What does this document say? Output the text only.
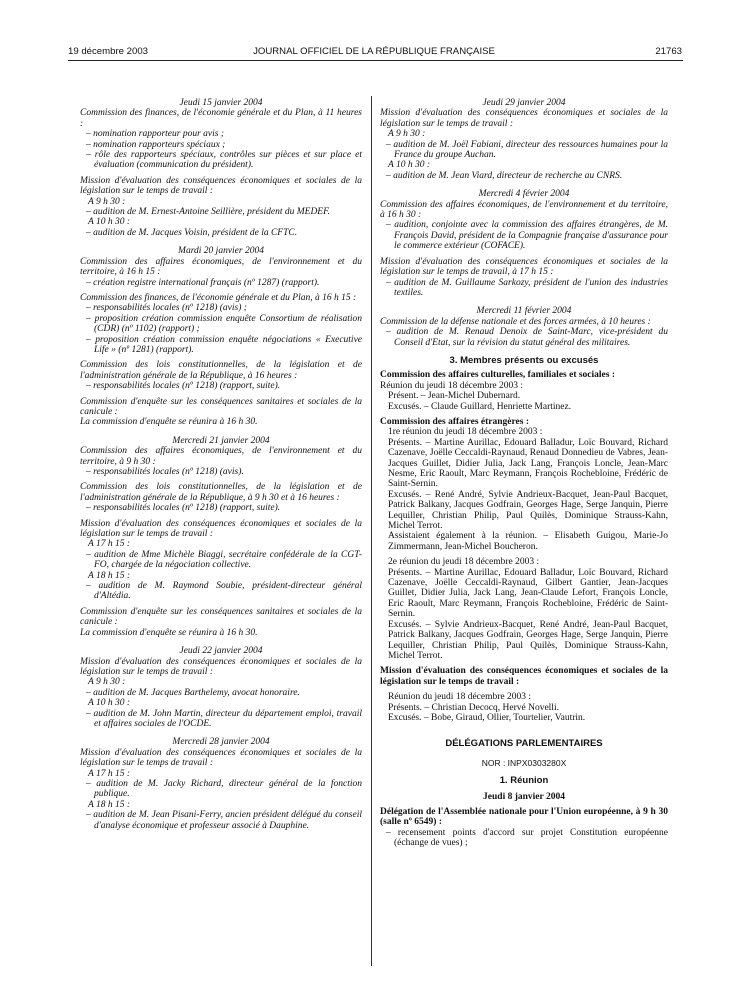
19 décembre 2003	JOURNAL OFFICIEL DE LA RÉPUBLIQUE FRANÇAISE	21763

Jeudi 15 janvier 2004

Commission des finances, de l'économie générale et du Plan, à 11 heures :

– nomination rapporteur pour avis ;

– nomination rapporteurs spéciaux ;

– rôle des rapporteurs spéciaux, contrôles sur pièces et sur place et évaluation (communication du président).

Mission d'évaluation des conséquences économiques et sociales de la législation sur le temps de travail :

A 9 h 30 :

– audition de M. Ernest-Antoine Seillière, président du MEDEF.

A 10 h 30 :

– audition de M. Jacques Voisin, président de la CFTC.

Mardi 20 janvier 2004

Commission des affaires économiques, de l'environnement et du territoire, à 16 h 15 :

– création registre international français (nº 1287) (rapport).

Commission des finances, de l'économie générale et du Plan, à 16 h 15 :

– responsabilités locales (nº 1218) (avis) ;

– proposition création commission enquête Consortium de réalisation (CDR) (nº 1102) (rapport) ;

– proposition création commission enquête négociations « Executive Life » (nº 1281) (rapport).

Commission des lois constitutionnelles, de la législation et de l'administration générale de la République, à 16 heures :

– responsabilités locales (nº 1218) (rapport, suite).

Commission d'enquête sur les conséquences sanitaires et sociales de la canicule :

La commission d'enquête se réunira à 16 h 30.

Mercredi 21 janvier 2004

Commission des affaires économiques, de l'environnement et du territoire, à 9 h 30 :

– responsabilités locales (nº 1218) (avis).

Commission des lois constitutionnelles, de la législation et de l'administration générale de la République, à 9 h 30 et à 16 heures :

– responsabilités locales (nº 1218) (rapport, suite).

Mission d'évaluation des conséquences économiques et sociales de la législation sur le temps de travail :

A 17 h 15 :

– audition de Mme Michèle Biaggi, secrétaire confédérale de la CGT-FO, chargée de la négociation collective.

A 18 h 15 :

– audition de M. Raymond Soubie, président-directeur général d'Altédia.

Commission d'enquête sur les conséquences sanitaires et sociales de la canicule :

La commission d'enquête se réunira à 16 h 30.

Jeudi 22 janvier 2004

Mission d'évaluation des conséquences économiques et sociales de la législation sur le temps de travail :

A 9 h 30 :

– audition de M. Jacques Barthelemy, avocat honoraire.

A 10 h 30 :

– audition de M. John Martin, directeur du département emploi, travail et affaires sociales de l'OCDE.

Mercredi 28 janvier 2004

Mission d'évaluation des conséquences économiques et sociales de la législation sur le temps de travail :

A 17 h 15 :

– audition de M. Jacky Richard, directeur général de la fonction publique.

A 18 h 15 :

– audition de M. Jean Pisani-Ferry, ancien président délégué du conseil d'analyse économique et professeur associé à Dauphine.

Jeudi 29 janvier 2004

Mission d'évaluation des conséquences économiques et sociales de la législation sur le temps de travail :

A 9 h 30 :

– audition de M. Joël Fabiani, directeur des ressources humaines pour la France du groupe Auchan.

A 10 h 30 :

– audition de M. Jean Viard, directeur de recherche au CNRS.

Mercredi 4 février 2004

Commission des affaires économiques, de l'environnement et du territoire, à 16 h 30 :

– audition, conjointe avec la commission des affaires étrangères, de M. François David, président de la Compagnie française d'assurance pour le commerce extérieur (COFACE).

Mission d'évaluation des conséquences économiques et sociales de la législation sur le temps de travail, à 17 h 15 :

– audition de M. Guillaume Sarkozy, président de l'union des industries textiles.

Mercredi 11 février 2004

Commission de la défense nationale et des forces armées, à 10 heures :

– audition de M. Renaud Denoix de Saint-Marc, vice-président du Conseil d'Etat, sur la révision du statut général des militaires.

3. Membres présents ou excusés

Commission des affaires culturelles, familiales et sociales :

Réunion du jeudi 18 décembre 2003 :

Présent. – Jean-Michel Dubernard.

Excusés. – Claude Guillard, Henriette Martinez.

Commission des affaires étrangères :

1re réunion du jeudi 18 décembre 2003 :

Présents. – Martine Aurillac, Edouard Balladur, Loïc Bouvard, Richard Cazenave, Joëlle Ceccaldi-Raynaud, Renaud Donnedieu de Vabres, Jean-Jacques Guillet, Didier Julia, Jack Lang, François Loncle, Jean-Marc Nesme, Eric Raoult, Marc Reymann, François Rochebloine, Frédéric de Saint-Sernin.

Excusés. – René André, Sylvie Andrieux-Bacquet, Jean-Paul Bacquet, Patrick Balkany, Jacques Godfrain, Georges Hage, Serge Janquin, Pierre Lequiller, Christian Philip, Paul Quilès, Dominique Strauss-Kahn, Michel Terrot.

Assistaient également à la réunion. – Elisabeth Guigou, Marie-Jo Zimmermann, Jean-Michel Boucheron.

2e réunion du jeudi 18 décembre 2003 :

Présents. – Martine Aurillac, Edouard Balladur, Loïc Bouvard, Richard Cazenave, Joëlle Ceccaldi-Raynaud, Gilbert Gantier, Jean-Jacques Guillet, Didier Julia, Jack Lang, Jean-Claude Lefort, François Loncle, Eric Raoult, Marc Reymann, François Rochebloine, Frédéric de Saint-Sernin.

Excusés. – Sylvie Andrieux-Bacquet, René André, Jean-Paul Bacquet, Patrick Balkany, Jacques Godfrain, Georges Hage, Serge Janquin, Pierre Lequiller, Christian Philip, Paul Quilès, Dominique Strauss-Kahn, Michel Terrot.

Mission d'évaluation des conséquences économiques et sociales de la législation sur le temps de travail :

Réunion du jeudi 18 décembre 2003 :

Présents. – Christian Decocq, Hervé Novelli.

Excusés. – Bobe, Giraud, Ollier, Tourtelier, Vautrin.

DÉLÉGATIONS PARLEMENTAIRES

NOR : INPX0303280X

1. Réunion

Jeudi 8 janvier 2004

Délégation de l'Assemblée nationale pour l'Union européenne, à 9 h 30 (salle nº 6549) :

– recensement points d'accord sur projet Constitution européenne (échange de vues) ;
